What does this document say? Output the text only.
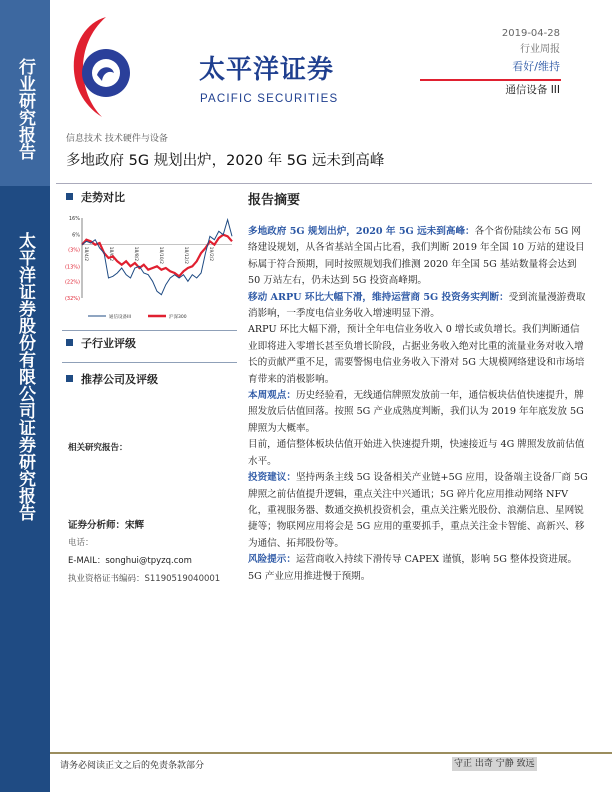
行业研究报告
太平洋证券股份有限公司证券研究报告
太平洋证券
PACIFIC SECURITIES
2019-04-28
行业周报
看好/维持
通信设备 III
信息技术 技术硬件与设备
多地政府 5G 规划出炉，2020 年 5G 远未到高峰
走势对比
16%
6%
(3%)
(13%)
(22%)
(32%)
18/4/2	18/6/2	18/8/2	18/10/2	18/12/2	19/2/2
通信设备III	沪深300
子行业评级
推荐公司及评级
相关研究报告：
证券分析师：宋辉
电话：
E-MAIL：songhui@tpyzq.com
执业资格证书编码：S1190519040001
报告摘要

多地政府 5G 规划出炉，2020 年 5G 远未到高峰：各个省份陆续公布 5G 网络建设规划，从各省基站全国占比看，我们判断 2019 年全国 10 万站的建设目标属于符合预期，同时按照规划我们推测 2020 年全国 5G 基站数量将会达到 50 万站左右，仍未达到 5G 投资高峰期。

移动 ARPU 环比大幅下滑，维持运营商 5G 投资务实判断：受到流量漫游费取消影响，一季度电信业务收入增速明显下滑。

ARPU 环比大幅下滑，预计全年电信业务收入 0 增长或负增长。我们判断通信业即将进入零增长甚至负增长阶段，占据业务收入绝对比重的流量业务对收入增长的贡献严重不足，需要警惕电信业务收入下滑对 5G 大规模网络建设和市场培育带来的消极影响。

本周观点：历史经验看，无线通信牌照发放前一年，通信板块估值快速提升，牌照发放后估值回落。按照 5G 产业成熟度判断，我们认为 2019 年年底发放 5G 牌照为大概率。

目前，通信整体板块估值开始进入快速提升期，快速接近与 4G 牌照发放前估值水平。

投资建议：坚持两条主线 5G 设备相关产业链+5G 应用，设备端主设备厂商 5G 牌照之前估值提升逻辑，重点关注中兴通讯；5G 碎片化应用推动网络 NFV 化，重视服务器、数通交换机投资机会，重点关注紫光股份、浪潮信息、星网锐捷等；物联网应用将会是 5G 应用的重要抓手，重点关注金卡智能、高新兴、移为通信、拓邦股份等。

风险提示：运营商收入持续下滑传导 CAPEX 谨慎，影响 5G 整体投资进展。5G 产业应用推进慢于预期。

请务必阅读正文之后的免责条款部分	守正 出奇 宁静 致远
